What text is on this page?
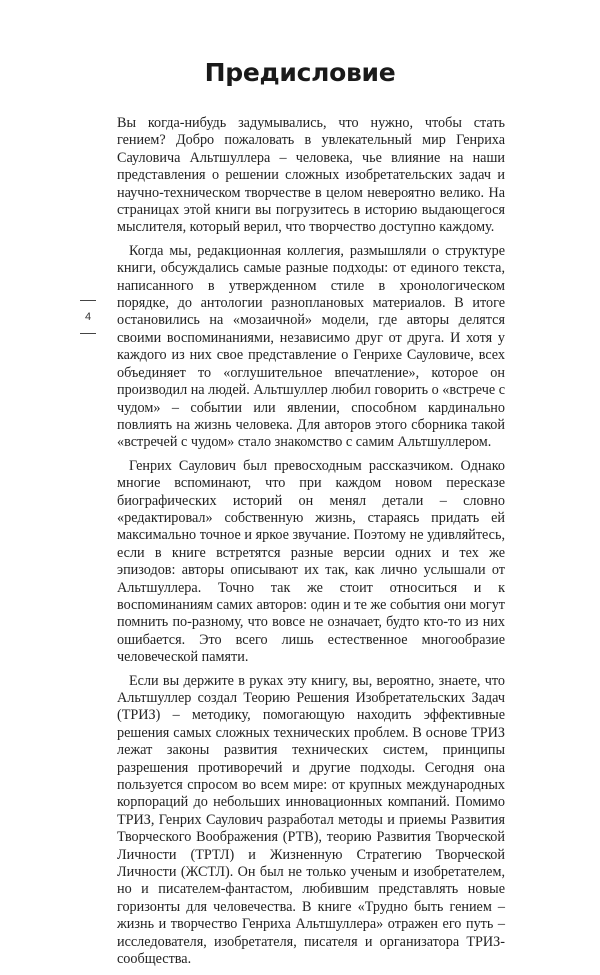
Предисловие
4

Вы когда-нибудь задумывались, что нужно, чтобы стать гением? Добро пожаловать в увлекательный мир Генриха Сауловича Альтшуллера – человека, чье влияние на наши представления о решении сложных изобретательских задач и научно-техническом творчестве в целом невероятно велико. На страницах этой книги вы погрузитесь в историю выдающегося мыслителя, который верил, что творчество доступно каждому.

Когда мы, редакционная коллегия, размышляли о структуре книги, обсуждались самые разные подходы: от единого текста, написанного в утвержденном стиле в хронологическом порядке, до антологии разноплановых материалов. В итоге остановились на «мозаичной» модели, где авторы делятся своими воспоминаниями, независимо друг от друга. И хотя у каждого из них свое представление о Генрихе Сауловиче, всех объединяет то «оглушительное впечатление», которое он производил на людей. Альтшуллер любил говорить о «встрече с чудом» – событии или явлении, способном кардинально повлиять на жизнь человека. Для авторов этого сборника такой «встречей с чудом» стало знакомство с самим Альтшуллером.

Генрих Саулович был превосходным рассказчиком. Однако многие вспоминают, что при каждом новом пересказе биографических историй он менял детали – словно «редактировал» собственную жизнь, стараясь придать ей максимально точное и яркое звучание. Поэтому не удивляйтесь, если в книге встретятся разные версии одних и тех же эпизодов: авторы описывают их так, как лично услышали от Альтшуллера. Точно так же стоит относиться и к воспоминаниям самих авторов: один и те же события они могут помнить по-разному, что вовсе не означает, будто кто-то из них ошибается. Это всего лишь естественное многообразие человеческой памяти.

Если вы держите в руках эту книгу, вы, вероятно, знаете, что Альтшуллер создал Теорию Решения Изобретательских Задач (ТРИЗ) – методику, помогающую находить эффективные решения самых сложных технических проблем. В основе ТРИЗ лежат законы развития технических систем, принципы разрешения противоречий и другие подходы. Сегодня она пользуется спросом во всем мире: от крупных международных корпораций до небольших инновационных компаний. Помимо ТРИЗ, Генрих Саулович разработал методы и приемы Развития Творческого Воображения (РТВ), теорию Развития Творческой Личности (ТРТЛ) и Жизненную Стратегию Творческой Личности (ЖСТЛ). Он был не только ученым и изобретателем, но и писателем-фантастом, любившим представлять новые горизонты для человечества. В книге «Трудно быть гением – жизнь и творчество Генриха Альтшуллера» отражен его путь – исследователя, изобретателя, писателя и организатора ТРИЗ-сообщества.
